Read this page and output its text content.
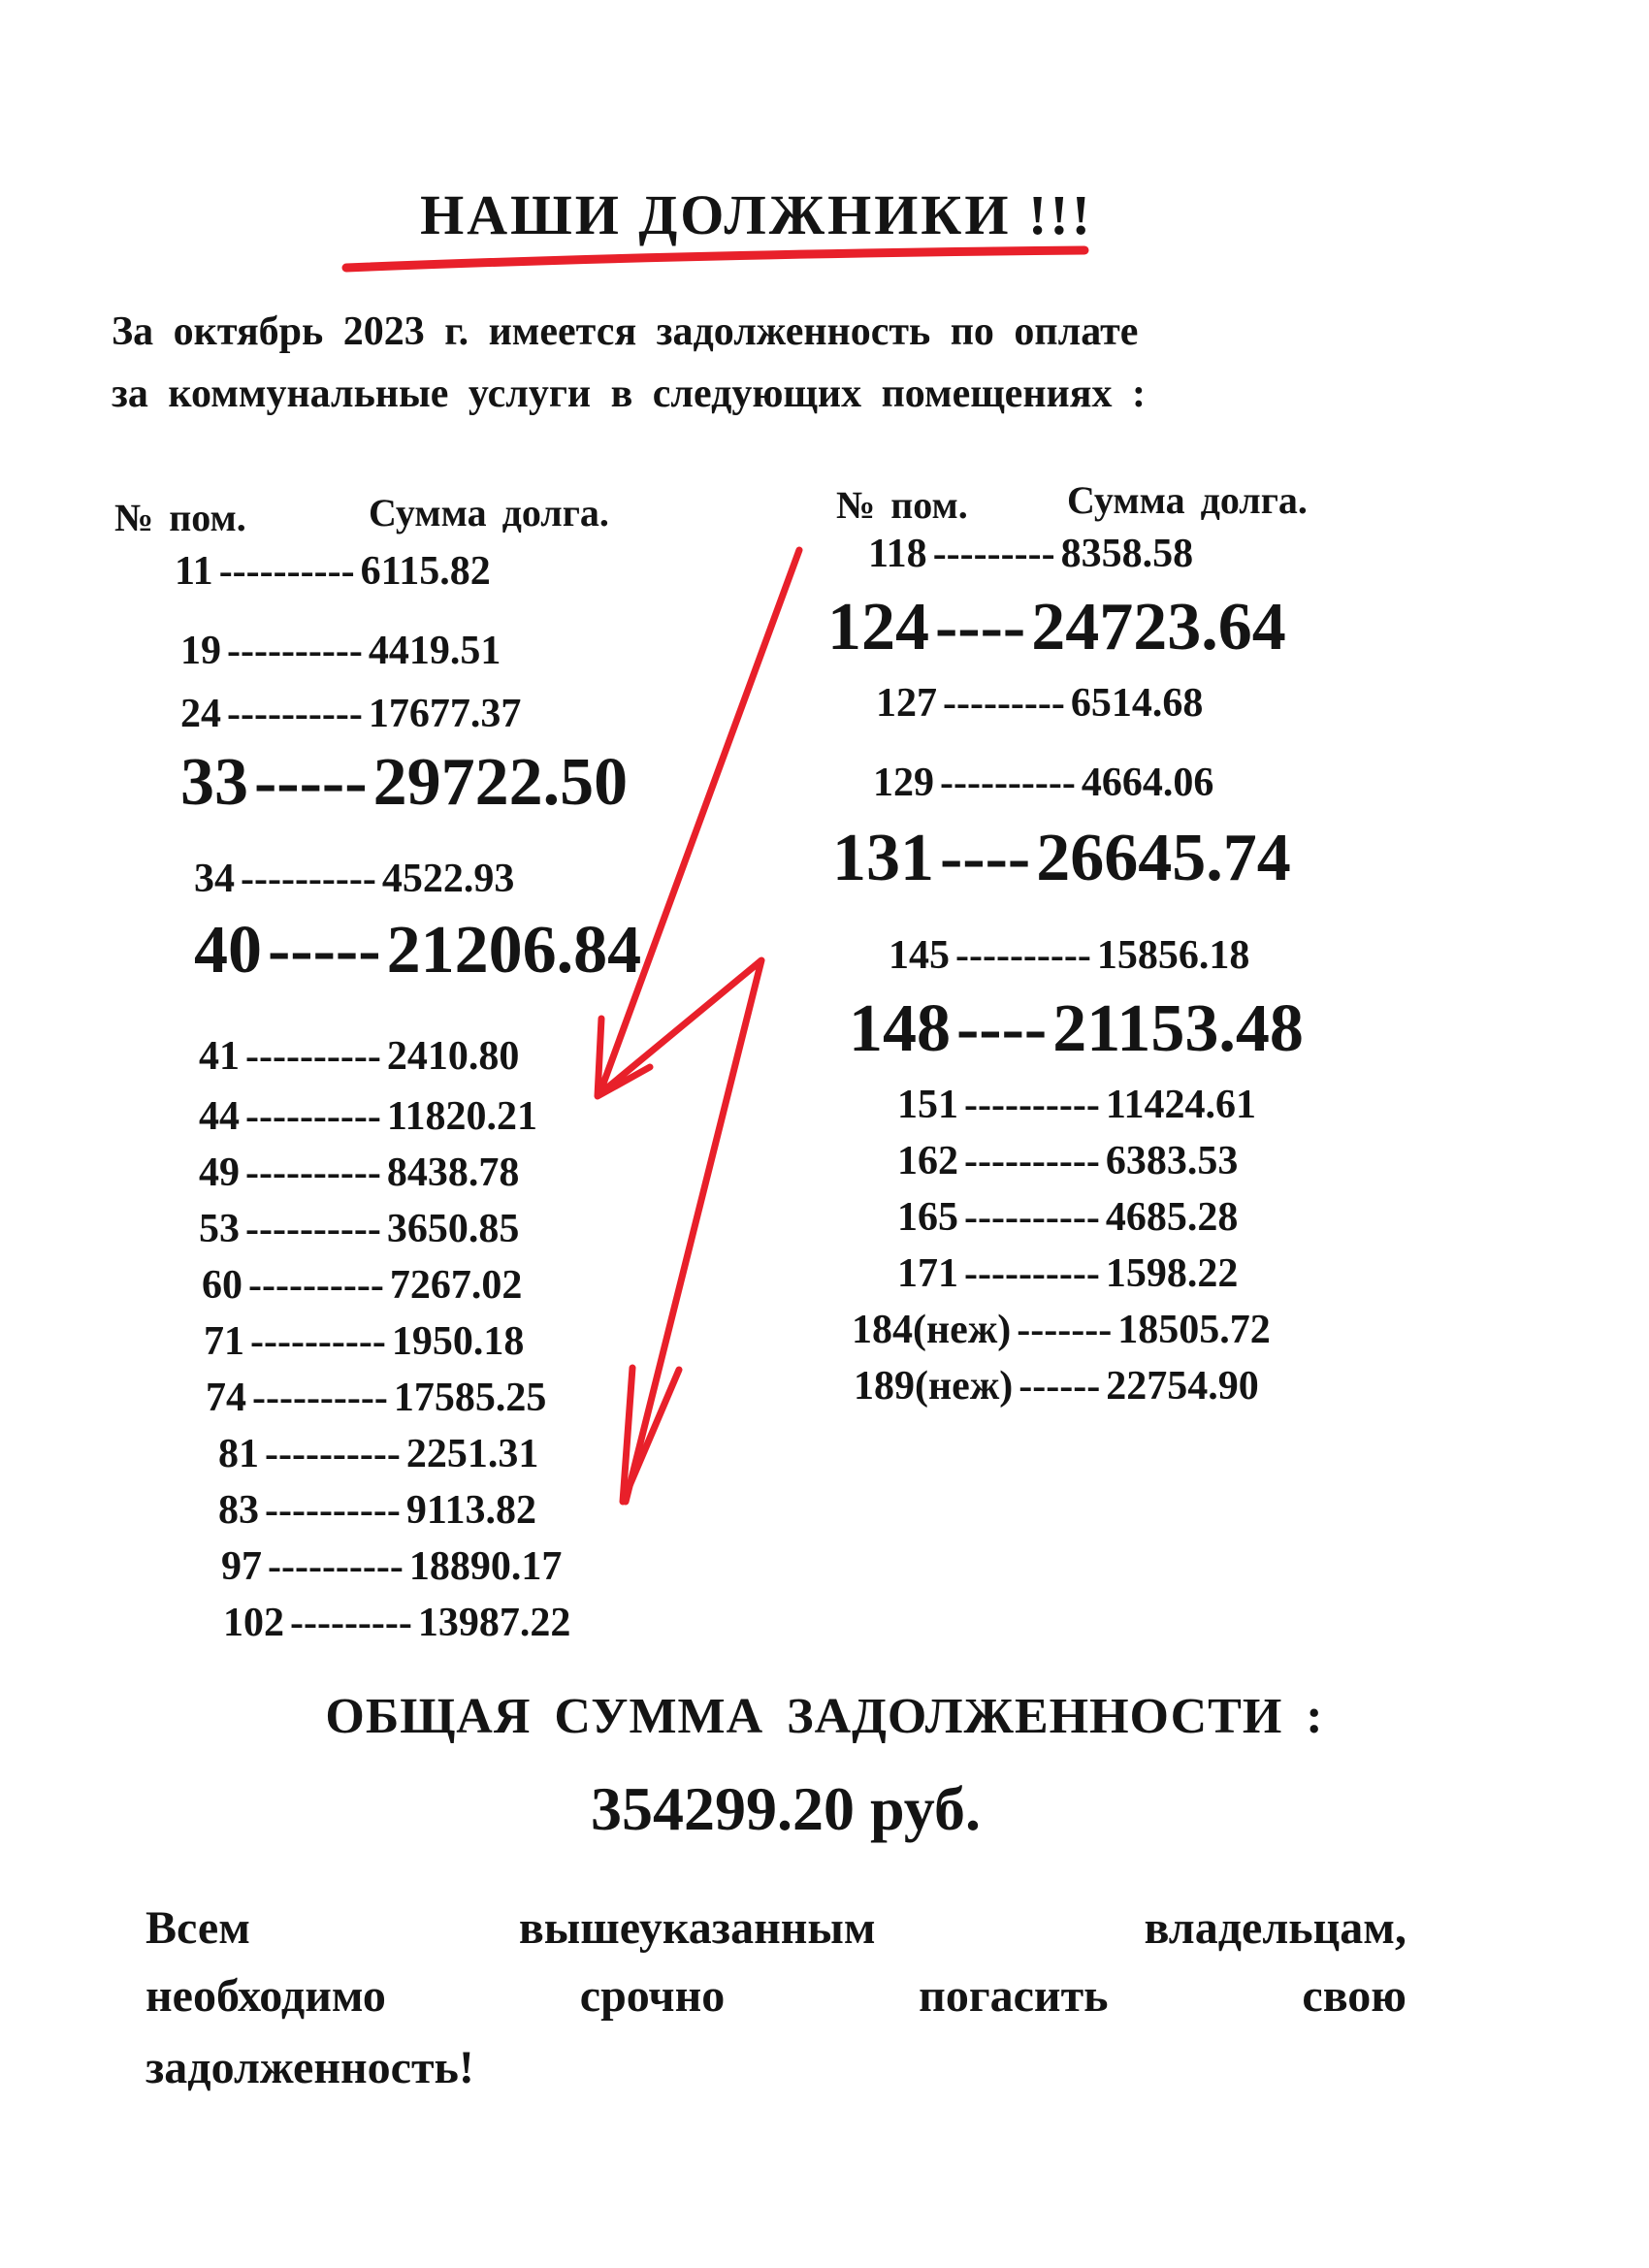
НАШИ ДОЛЖНИКИ !!!
За октябрь 2023 г. имеется задолженность по оплате
за коммунальные услуги в следующих помещениях :
№ пом.	Сумма долга.	№ пом.	Сумма долга.
11 ---------- 6115.82
19 ---------- 4419.51
24 ---------- 17677.37
33-----29722.50
34 ---------- 4522.93
40-----21206.84
41 ---------- 2410.80
44 ---------- 11820.21
49 ---------- 8438.78
53 ---------- 3650.85
60 ---------- 7267.02
71 ---------- 1950.18
74 ---------- 17585.25
81 ---------- 2251.31
83 ---------- 9113.82
97 ---------- 18890.17
102 --------- 13987.22
118 --------- 8358.58
124----24723.64
127 --------- 6514.68
129 ---------- 4664.06
131----26645.74
145 ---------- 15856.18
148----21153.48
151 ---------- 11424.61
162 ---------- 6383.53
165 ---------- 4685.28
171 ---------- 1598.22
184(неж) ------- 18505.72
189(неж) ------ 22754.90
ОБЩАЯ СУММА ЗАДОЛЖЕННОСТИ :
354299.20 руб.
Всем	вышеуказанным	владельцам,
необходимо	срочно	погасить	свою
задолженность!
